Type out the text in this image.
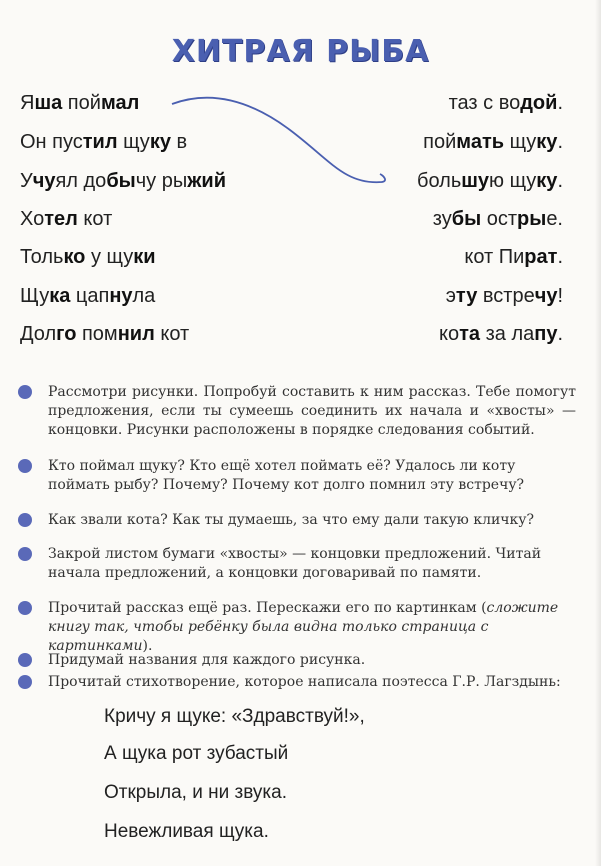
ХИТРАЯ РЫБА
Яша поймал
Он пустил щуку в
Учуял добычу рыжий
Хотел кот
Только у щуки
Щука цапнула
Долго помнил кот
таз с водой.
поймать щуку.
большую щуку.
зубы острые.
кот Пират.
эту встречу!
кота за лапу.

Рассмотри рисунки. Попробуй составить к ним рассказ. Тебе помогут предложения, если ты сумеешь соединить их начала и «хвосты» — концовки. Рисунки расположены в порядке следования событий.

Кто поймал щуку? Кто ещё хотел поймать её? Удалось ли коту поймать рыбу? Почему? Почему кот долго помнил эту встречу?

Как звали кота? Как ты думаешь, за что ему дали такую кличку?

Закрой листом бумаги «хвосты» — концовки предложений. Читай начала предложений, а концовки договаривай по памяти.

Прочитай рассказ ещё раз. Перескажи его по картинкам (сложите книгу так, чтобы ребёнку была видна только страница с картинками).

Придумай названия для каждого рисунка.

Прочитай стихотворение, которое написала поэтесса Г.Р. Лагздынь:

Кричу я щуке: «Здравствуй!»,
А щука рот зубастый
Открыла, и ни звука.
Невежливая щука.
